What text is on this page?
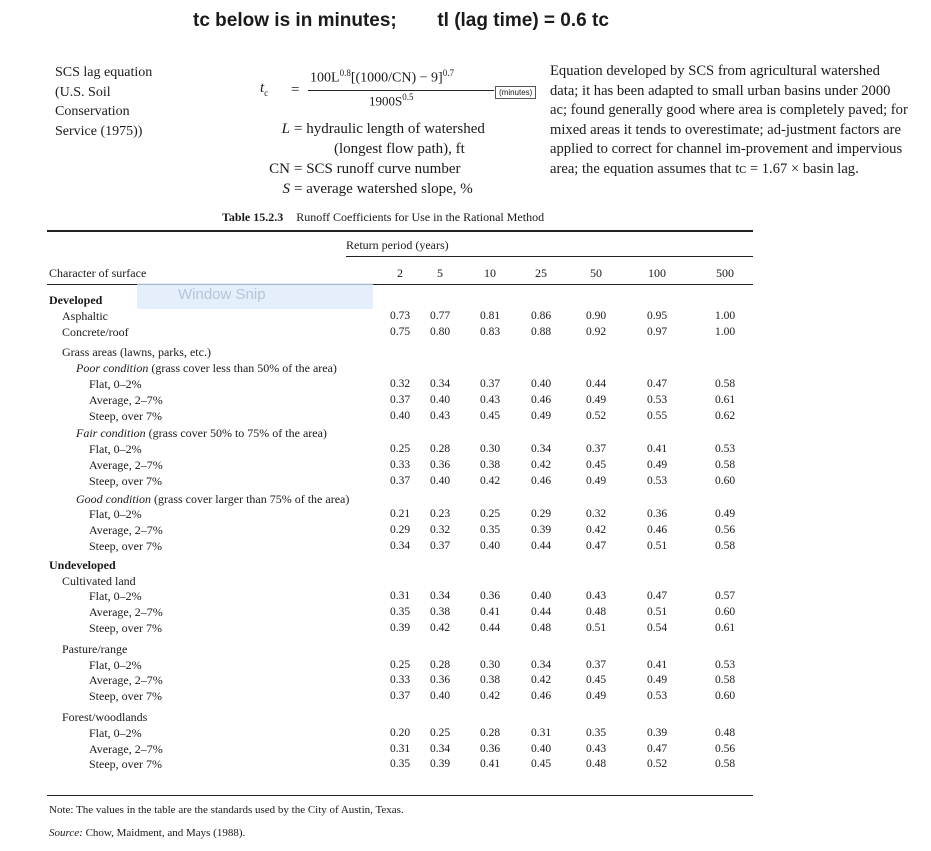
tc below is in minutes; tl (lag time) = 0.6 tc
SCS lag equation
(U.S. Soil
Conservation
Service (1975))
$t_c$ =
$100L^{0.8}[(1000/CN) - 9]^{0.7}$
$1900S^{0.5}$	(minutes)
L = hydraulic length of watershed
(longest flow path), ft
CN = SCS runoff curve number
S = average watershed slope, %
Equation developed by SCS from agricultural watershed data; it has been adapted to small urban basins under 2000 ac; found generally good where area is completely paved; for mixed areas it tends to overestimate; ad-justment factors are applied to correct for channel im-provement and impervious area; the equation assumes that tᴄ = 1.67 × basin lag.
Table 15.2.3 Runoff Coefficients for Use in the Rational Method
Return period (years)
Character of surface	2	5	10	25	50	100	500
Window Snip
Developed
Asphaltic	0.73	0.77	0.81	0.86	0.90	0.95	1.00
Concrete/roof	0.75	0.80	0.83	0.88	0.92	0.97	1.00
Grass areas (lawns, parks, etc.)
Poor condition (grass cover less than 50% of the area)
Flat, 0–2%	0.32	0.34	0.37	0.40	0.44	0.47	0.58
Average, 2–7%	0.37	0.40	0.43	0.46	0.49	0.53	0.61
Steep, over 7%	0.40	0.43	0.45	0.49	0.52	0.55	0.62
Fair condition (grass cover 50% to 75% of the area)
Flat, 0–2%	0.25	0.28	0.30	0.34	0.37	0.41	0.53
Average, 2–7%	0.33	0.36	0.38	0.42	0.45	0.49	0.58
Steep, over 7%	0.37	0.40	0.42	0.46	0.49	0.53	0.60
Good condition (grass cover larger than 75% of the area)
Flat, 0–2%	0.21	0.23	0.25	0.29	0.32	0.36	0.49
Average, 2–7%	0.29	0.32	0.35	0.39	0.42	0.46	0.56
Steep, over 7%	0.34	0.37	0.40	0.44	0.47	0.51	0.58
Undeveloped
Cultivated land
Flat, 0–2%	0.31	0.34	0.36	0.40	0.43	0.47	0.57
Average, 2–7%	0.35	0.38	0.41	0.44	0.48	0.51	0.60
Steep, over 7%	0.39	0.42	0.44	0.48	0.51	0.54	0.61
Pasture/range
Flat, 0–2%	0.25	0.28	0.30	0.34	0.37	0.41	0.53
Average, 2–7%	0.33	0.36	0.38	0.42	0.45	0.49	0.58
Steep, over 7%	0.37	0.40	0.42	0.46	0.49	0.53	0.60
Forest/woodlands
Flat, 0–2%	0.20	0.25	0.28	0.31	0.35	0.39	0.48
Average, 2–7%	0.31	0.34	0.36	0.40	0.43	0.47	0.56
Steep, over 7%	0.35	0.39	0.41	0.45	0.48	0.52	0.58
Note: The values in the table are the standards used by the City of Austin, Texas.
Source: Chow, Maidment, and Mays (1988).
